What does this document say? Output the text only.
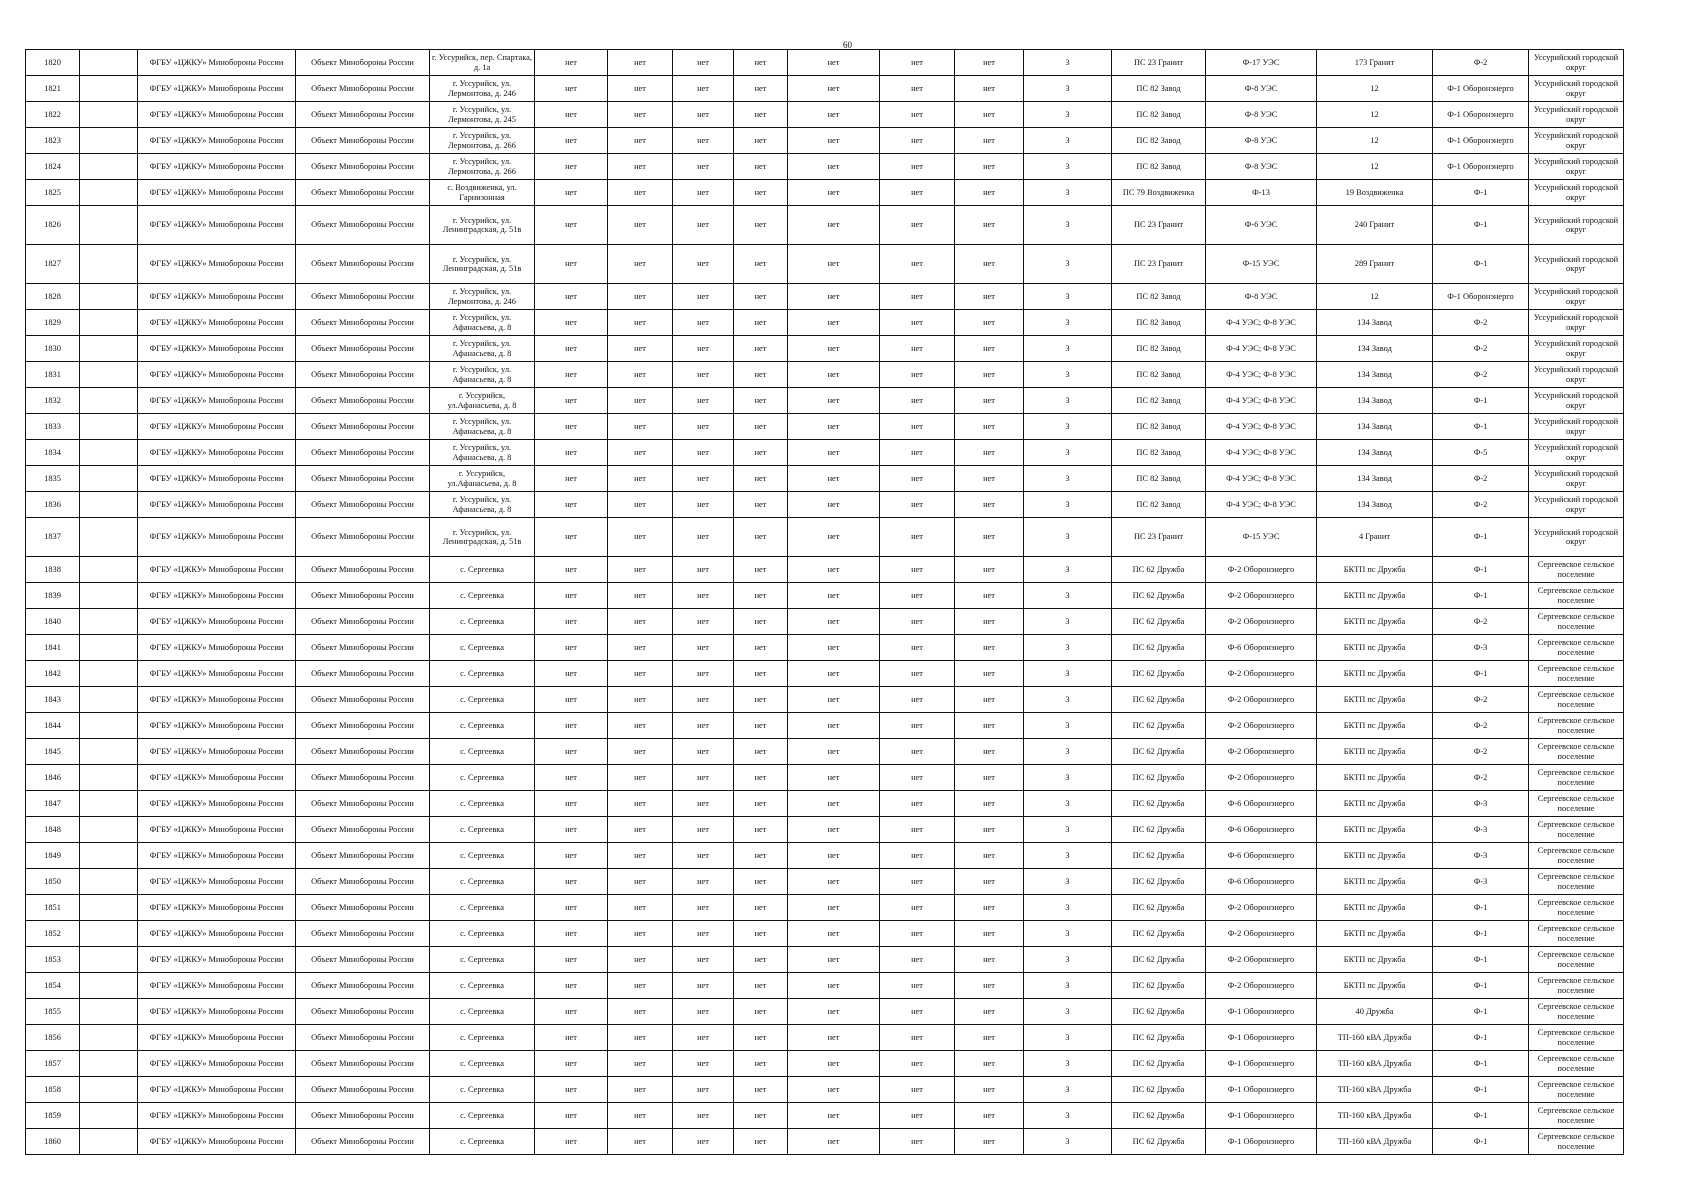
60
1820		ФГБУ «ЦЖКУ» Минобороны России	Объект Минобороны России	г. Уссурийск, пер. Спартака, д. 1а	нет	нет	нет	нет	нет	нет	нет	3	ПС 23 Гранит	Ф-17 УЭС	173 Гранит	Ф-2	Уссурийский городской округ
1821		ФГБУ «ЦЖКУ» Минобороны России	Объект Минобороны России	г. Уссурийск, ул. Лермонтова, д. 246	нет	нет	нет	нет	нет	нет	нет	3	ПС 82 Завод	Ф-8 УЭС	12	Ф-1 Оборонэнерго	Уссурийский городской округ
1822		ФГБУ «ЦЖКУ» Минобороны России	Объект Минобороны России	г. Уссурийск, ул. Лермонтова, д. 245	нет	нет	нет	нет	нет	нет	нет	3	ПС 82 Завод	Ф-8 УЭС	12	Ф-1 Оборонэнерго	Уссурийский городской округ
1823		ФГБУ «ЦЖКУ» Минобороны России	Объект Минобороны России	г. Уссурийск, ул. Лермонтова, д. 266	нет	нет	нет	нет	нет	нет	нет	3	ПС 82 Завод	Ф-8 УЭС	12	Ф-1 Оборонэнерго	Уссурийский городской округ
1824		ФГБУ «ЦЖКУ» Минобороны России	Объект Минобороны России	г. Уссурийск, ул. Лермонтова, д. 266	нет	нет	нет	нет	нет	нет	нет	3	ПС 82 Завод	Ф-8 УЭС	12	Ф-1 Оборонэнерго	Уссурийский городской округ
1825		ФГБУ «ЦЖКУ» Минобороны России	Объект Минобороны России	с. Воздвиженка, ул. Гарнизонная	нет	нет	нет	нет	нет	нет	нет	3	ПС 79 Воздвиженка	Ф-13	19 Воздвиженка	Ф-1	Уссурийский городской округ
1826		ФГБУ «ЦЖКУ» Минобороны России	Объект Минобороны России	г. Уссурийск, ул. Ленинградская, д. 51в	нет	нет	нет	нет	нет	нет	нет	3	ПС 23 Гранит	Ф-6 УЭС	240 Гранит	Ф-1	Уссурийский городской округ
1827		ФГБУ «ЦЖКУ» Минобороны России	Объект Минобороны России	г. Уссурийск, ул. Ленинградская, д. 51в	нет	нет	нет	нет	нет	нет	нет	3	ПС 23 Гранит	Ф-15 УЭС	289 Гранит	Ф-1	Уссурийский городской округ
1828		ФГБУ «ЦЖКУ» Минобороны России	Объект Минобороны России	г. Уссурийск, ул. Лермонтова, д. 246	нет	нет	нет	нет	нет	нет	нет	3	ПС 82 Завод	Ф-8 УЭС	12	Ф-1 Оборонэнерго	Уссурийский городской округ
1829		ФГБУ «ЦЖКУ» Минобороны России	Объект Минобороны России	г. Уссурийск, ул. Афанасьева, д. 8	нет	нет	нет	нет	нет	нет	нет	3	ПС 82 Завод	Ф-4 УЭС; Ф-8 УЭС	134 Завод	Ф-2	Уссурийский городской округ
1830		ФГБУ «ЦЖКУ» Минобороны России	Объект Минобороны России	г. Уссурийск, ул. Афанасьева, д. 8	нет	нет	нет	нет	нет	нет	нет	3	ПС 82 Завод	Ф-4 УЭС; Ф-8 УЭС	134 Завод	Ф-2	Уссурийский городской округ
1831		ФГБУ «ЦЖКУ» Минобороны России	Объект Минобороны России	г. Уссурийск, ул. Афанасьева, д. 8	нет	нет	нет	нет	нет	нет	нет	3	ПС 82 Завод	Ф-4 УЭС; Ф-8 УЭС	134 Завод	Ф-2	Уссурийский городской округ
1832		ФГБУ «ЦЖКУ» Минобороны России	Объект Минобороны России	г. Уссурийск, ул.Афанасьева, д. 8	нет	нет	нет	нет	нет	нет	нет	3	ПС 82 Завод	Ф-4 УЭС; Ф-8 УЭС	134 Завод	Ф-1	Уссурийский городской округ
1833		ФГБУ «ЦЖКУ» Минобороны России	Объект Минобороны России	г. Уссурийск, ул. Афанасьева, д. 8	нет	нет	нет	нет	нет	нет	нет	3	ПС 82 Завод	Ф-4 УЭС; Ф-8 УЭС	134 Завод	Ф-1	Уссурийский городской округ
1834		ФГБУ «ЦЖКУ» Минобороны России	Объект Минобороны России	г. Уссурийск, ул. Афанасьева, д. 8	нет	нет	нет	нет	нет	нет	нет	3	ПС 82 Завод	Ф-4 УЭС; Ф-8 УЭС	134 Завод	Ф-5	Уссурийский городской округ
1835		ФГБУ «ЦЖКУ» Минобороны России	Объект Минобороны России	г. Уссурийск, ул.Афанасьева, д. 8	нет	нет	нет	нет	нет	нет	нет	3	ПС 82 Завод	Ф-4 УЭС; Ф-8 УЭС	134 Завод	Ф-2	Уссурийский городской округ
1836		ФГБУ «ЦЖКУ» Минобороны России	Объект Минобороны России	г. Уссурийск, ул. Афанасьева, д. 8	нет	нет	нет	нет	нет	нет	нет	3	ПС 82 Завод	Ф-4 УЭС; Ф-8 УЭС	134 Завод	Ф-2	Уссурийский городской округ
1837		ФГБУ «ЦЖКУ» Минобороны России	Объект Минобороны России	г. Уссурийск, ул. Ленинградская, д. 51в	нет	нет	нет	нет	нет	нет	нет	3	ПС 23 Гранит	Ф-15 УЭС	4 Гранит	Ф-1	Уссурийский городской округ
1838		ФГБУ «ЦЖКУ» Минобороны России	Объект Минобороны России	с. Сергеевка	нет	нет	нет	нет	нет	нет	нет	3	ПС 62 Дружба	Ф-2 Оборонэнерго	БКТП пс Дружба	Ф-1	Сергеевское сельское поселение
1839		ФГБУ «ЦЖКУ» Минобороны России	Объект Минобороны России	с. Сергеевка	нет	нет	нет	нет	нет	нет	нет	3	ПС 62 Дружба	Ф-2 Оборонэнерго	БКТП пс Дружба	Ф-1	Сергеевское сельское поселение
1840		ФГБУ «ЦЖКУ» Минобороны России	Объект Минобороны России	с. Сергеевка	нет	нет	нет	нет	нет	нет	нет	3	ПС 62 Дружба	Ф-2 Оборонэнерго	БКТП пс Дружба	Ф-2	Сергеевское сельское поселение
1841		ФГБУ «ЦЖКУ» Минобороны России	Объект Минобороны России	с. Сергеевка	нет	нет	нет	нет	нет	нет	нет	3	ПС 62 Дружба	Ф-6 Оборонэнерго	БКТП пс Дружба	Ф-3	Сергеевское сельское поселение
1842		ФГБУ «ЦЖКУ» Минобороны России	Объект Минобороны России	с. Сергеевка	нет	нет	нет	нет	нет	нет	нет	3	ПС 62 Дружба	Ф-2 Оборонэнерго	БКТП пс Дружба	Ф-1	Сергеевское сельское поселение
1843		ФГБУ «ЦЖКУ» Минобороны России	Объект Минобороны России	с. Сергеевка	нет	нет	нет	нет	нет	нет	нет	3	ПС 62 Дружба	Ф-2 Оборонэнерго	БКТП пс Дружба	Ф-2	Сергеевское сельское поселение
1844		ФГБУ «ЦЖКУ» Минобороны России	Объект Минобороны России	с. Сергеевка	нет	нет	нет	нет	нет	нет	нет	3	ПС 62 Дружба	Ф-2 Оборонэнерго	БКТП пс Дружба	Ф-2	Сергеевское сельское поселение
1845		ФГБУ «ЦЖКУ» Минобороны России	Объект Минобороны России	с. Сергеевка	нет	нет	нет	нет	нет	нет	нет	3	ПС 62 Дружба	Ф-2 Оборонэнерго	БКТП пс Дружба	Ф-2	Сергеевское сельское поселение
1846		ФГБУ «ЦЖКУ» Минобороны России	Объект Минобороны России	с. Сергеевка	нет	нет	нет	нет	нет	нет	нет	3	ПС 62 Дружба	Ф-2 Оборонэнерго	БКТП пс Дружба	Ф-2	Сергеевское сельское поселение
1847		ФГБУ «ЦЖКУ» Минобороны России	Объект Минобороны России	с. Сергеевка	нет	нет	нет	нет	нет	нет	нет	3	ПС 62 Дружба	Ф-6 Оборонэнерго	БКТП пс Дружба	Ф-3	Сергеевское сельское поселение
1848		ФГБУ «ЦЖКУ» Минобороны России	Объект Минобороны России	с. Сергеевка	нет	нет	нет	нет	нет	нет	нет	3	ПС 62 Дружба	Ф-6 Оборонэнерго	БКТП пс Дружба	Ф-3	Сергеевское сельское поселение
1849		ФГБУ «ЦЖКУ» Минобороны России	Объект Минобороны России	с. Сергеевка	нет	нет	нет	нет	нет	нет	нет	3	ПС 62 Дружба	Ф-6 Оборонэнерго	БКТП пс Дружба	Ф-3	Сергеевское сельское поселение
1850		ФГБУ «ЦЖКУ» Минобороны России	Объект Минобороны России	с. Сергеевка	нет	нет	нет	нет	нет	нет	нет	3	ПС 62 Дружба	Ф-6 Оборонэнерго	БКТП пс Дружба	Ф-3	Сергеевское сельское поселение
1851		ФГБУ «ЦЖКУ» Минобороны России	Объект Минобороны России	с. Сергеевка	нет	нет	нет	нет	нет	нет	нет	3	ПС 62 Дружба	Ф-2 Оборонэнерго	БКТП пс Дружба	Ф-1	Сергеевское сельское поселение
1852		ФГБУ «ЦЖКУ» Минобороны России	Объект Минобороны России	с. Сергеевка	нет	нет	нет	нет	нет	нет	нет	3	ПС 62 Дружба	Ф-2 Оборонэнерго	БКТП пс Дружба	Ф-1	Сергеевское сельское поселение
1853		ФГБУ «ЦЖКУ» Минобороны России	Объект Минобороны России	с. Сергеевка	нет	нет	нет	нет	нет	нет	нет	3	ПС 62 Дружба	Ф-2 Оборонэнерго	БКТП пс Дружба	Ф-1	Сергеевское сельское поселение
1854		ФГБУ «ЦЖКУ» Минобороны России	Объект Минобороны России	с. Сергеевка	нет	нет	нет	нет	нет	нет	нет	3	ПС 62 Дружба	Ф-2 Оборонэнерго	БКТП пс Дружба	Ф-1	Сергеевское сельское поселение
1855		ФГБУ «ЦЖКУ» Минобороны России	Объект Минобороны России	с. Сергеевка	нет	нет	нет	нет	нет	нет	нет	3	ПС 62 Дружба	Ф-1 Оборонэнерго	40 Дружба	Ф-1	Сергеевское сельское поселение
1856		ФГБУ «ЦЖКУ» Минобороны России	Объект Минобороны России	с. Сергеевка	нет	нет	нет	нет	нет	нет	нет	3	ПС 62 Дружба	Ф-1 Оборонэнерго	ТП-160 кВА Дружба	Ф-1	Сергеевское сельское поселение
1857		ФГБУ «ЦЖКУ» Минобороны России	Объект Минобороны России	с. Сергеевка	нет	нет	нет	нет	нет	нет	нет	3	ПС 62 Дружба	Ф-1 Оборонэнерго	ТП-160 кВА Дружба	Ф-1	Сергеевское сельское поселение
1858		ФГБУ «ЦЖКУ» Минобороны России	Объект Минобороны России	с. Сергеевка	нет	нет	нет	нет	нет	нет	нет	3	ПС 62 Дружба	Ф-1 Оборонэнерго	ТП-160 кВА Дружба	Ф-1	Сергеевское сельское поселение
1859		ФГБУ «ЦЖКУ» Минобороны России	Объект Минобороны России	с. Сергеевка	нет	нет	нет	нет	нет	нет	нет	3	ПС 62 Дружба	Ф-1 Оборонэнерго	ТП-160 кВА Дружба	Ф-1	Сергеевское сельское поселение
1860		ФГБУ «ЦЖКУ» Минобороны России	Объект Минобороны России	с. Сергеевка	нет	нет	нет	нет	нет	нет	нет	3	ПС 62 Дружба	Ф-1 Оборонэнерго	ТП-160 кВА Дружба	Ф-1	Сергеевское сельское поселение
